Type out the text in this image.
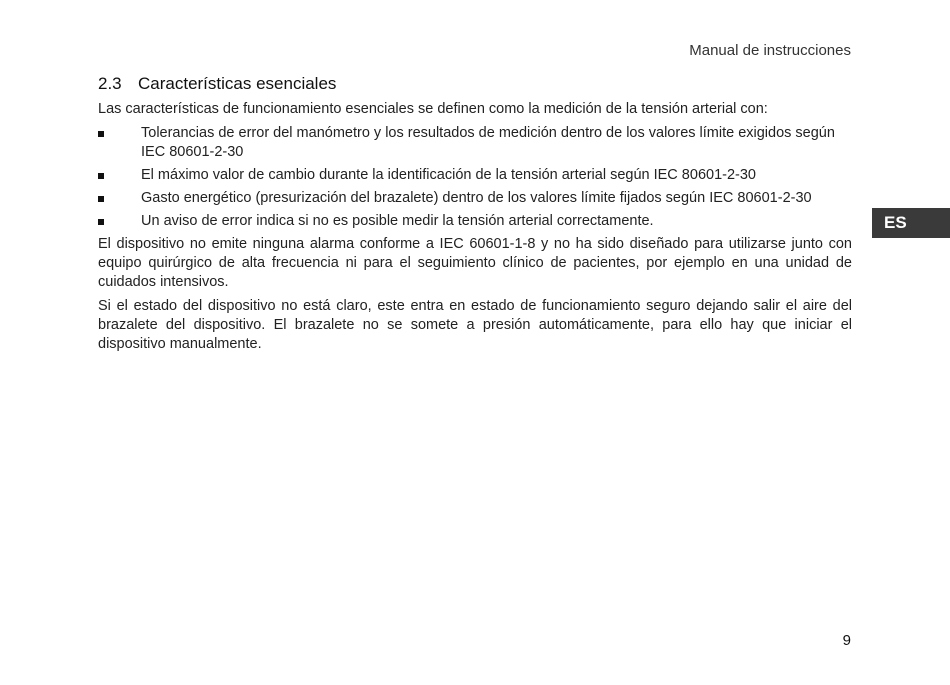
Manual de instrucciones
2.3 Características esenciales

Las características de funcionamiento esenciales se definen como la medición de la tensión arterial con:

Tolerancias de error del manómetro y los resultados de medición dentro de los valores límite exigidos según IEC 80601-2-30
El máximo valor de cambio durante la identificación de la tensión arterial según IEC 80601-2-30
Gasto energético (presurización del brazalete) dentro de los valores límite fijados según IEC 80601-2-30
Un aviso de error indica si no es posible medir la tensión arterial correctamente.

El dispositivo no emite ninguna alarma conforme a IEC 60601-1-8 y no ha sido diseñado para utilizarse junto con equipo quirúrgico de alta frecuencia ni para el seguimiento clínico de pacientes, por ejemplo en una unidad de cuidados intensivos.

Si el estado del dispositivo no está claro, este entra en estado de funcionamiento seguro dejando salir el aire del brazalete del dispositivo. El brazalete no se somete a presión automáticamente, para ello hay que iniciar el dispositivo manualmente.

ES
9
